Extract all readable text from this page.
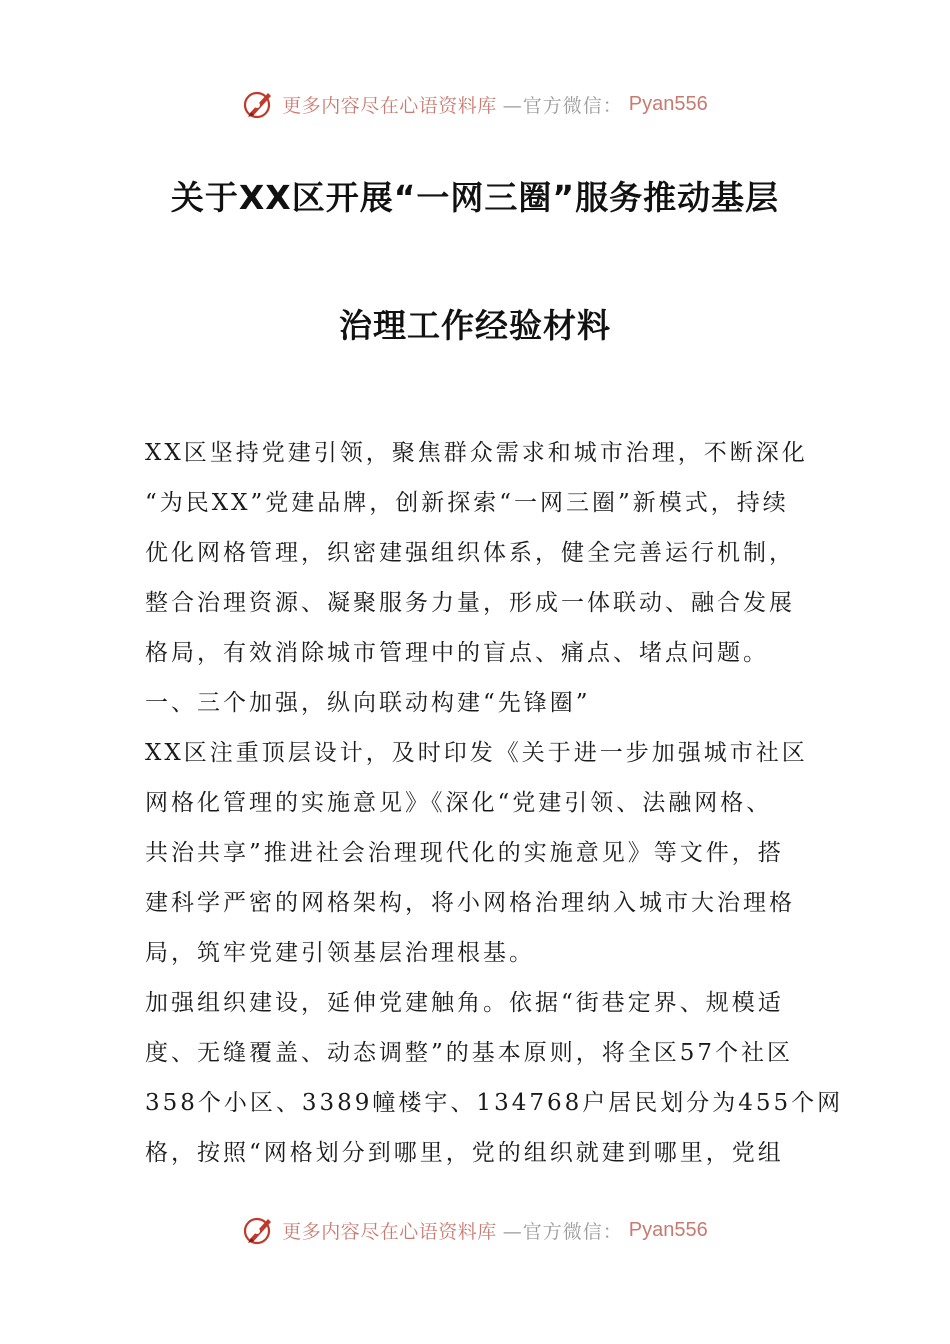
更多内容尽在心语资料库 —官方微信： Pyan556
关于XX区开展“一网三圈”服务推动基层
治理工作经验材料
XX区坚持党建引领，聚焦群众需求和城市治理，不断深化
“为民XX”党建品牌，创新探索“一网三圈”新模式，持续
优化网格管理，织密建强组织体系，健全完善运行机制，
整合治理资源、凝聚服务力量，形成一体联动、融合发展
格局，有效消除城市管理中的盲点、痛点、堵点问题。
一、三个加强，纵向联动构建“先锋圈”
XX区注重顶层设计，及时印发《关于进一步加强城市社区
网格化管理的实施意见》《深化“党建引领、法融网格、
共治共享”推进社会治理现代化的实施意见》等文件，搭
建科学严密的网格架构，将小网格治理纳入城市大治理格
局，筑牢党建引领基层治理根基。
加强组织建设，延伸党建触角。依据“街巷定界、规模适
度、无缝覆盖、动态调整”的基本原则，将全区57个社区
358个小区、3389幢楼宇、134768户居民划分为455个网
格，按照“网格划分到哪里，党的组织就建到哪里，党组
更多内容尽在心语资料库 —官方微信： Pyan556
